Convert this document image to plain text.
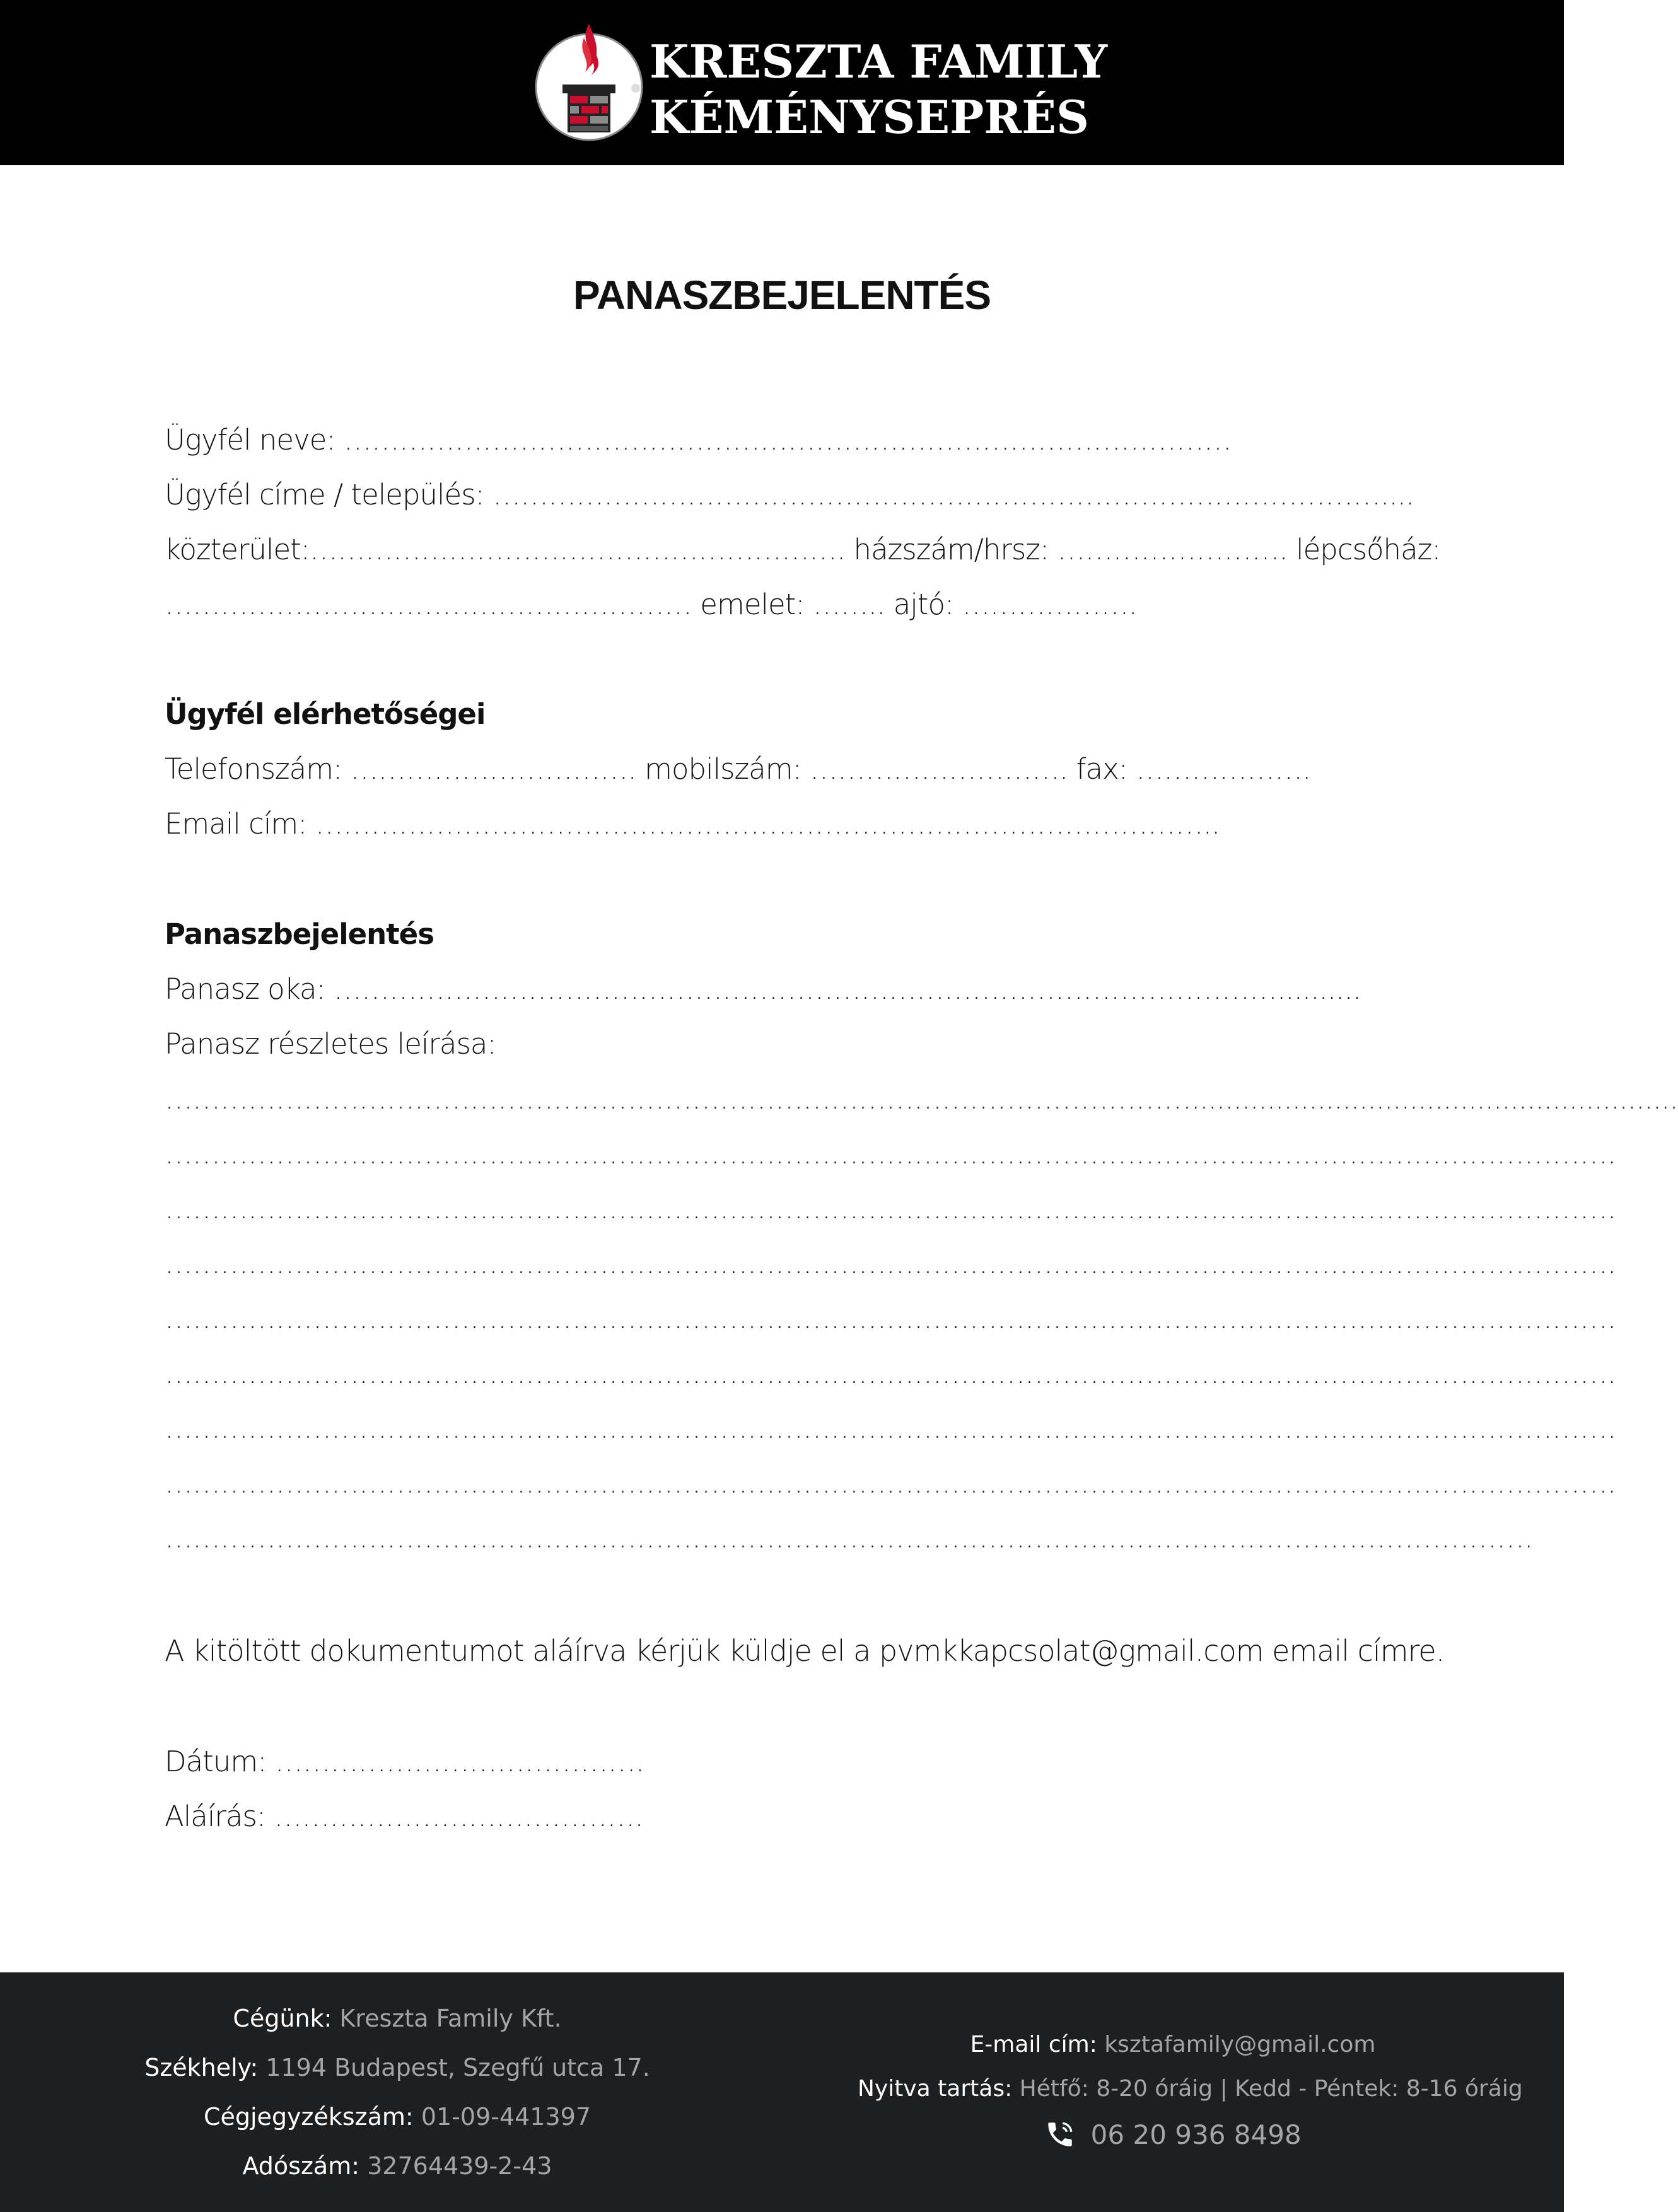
KRESZTA FAMILY
KÉMÉNYSEPRÉS
PANASZBEJELENTÉS
Ügyfél neve: ……………………………………………………………………………………
Ügyfél címe / település: ……………………………………………………………………………………....
közterület:…………………………………………………. házszám/hrsz: ……………………. lépcsőház:
………………………………………………… emelet: …….. ajtó: ……………….
Ügyfél elérhetőségei
Telefonszám: …………………………. mobilszám: ………………………. fax: ……………….
Email cím: ……………………………………………………………………………………..
Panaszbejelentés
Panasz oka: …………………………………………………………………………………………..........
Panasz részletes leírása:
…………………………………………………………………………………………………..........................................................
………………………………………………………………………………………………………………………………………….
………………………………………………………………………………………………………………………………………….
………………………………………………………………………………………………………………………………………….
………………………………………………………………………………………………………………………………………….
………………………………………………………………………………………………………………………………………….
………………………………………………………………………………………………………………………………………….
………………………………………………………………………………………………………………………………………….
………………………………………………………………………………………………………………………………….
A kitöltött dokumentumot aláírva kérjük küldje el a pvmkkapcsolat@gmail.com email címre.
Dátum: ………………………………….
Aláírás: ………………………………….
Cégünk: Kreszta Family Kft.
Székhely: 1194 Budapest, Szegfű utca 17.
Cégjegyzékszám: 01-09-441397
Adószám: 32764439-2-43
E-mail cím: ksztafamily@gmail.com
Nyitva tartás: Hétfő: 8-20 óráig | Kedd - Péntek: 8-16 óráig
06 20 936 8498
